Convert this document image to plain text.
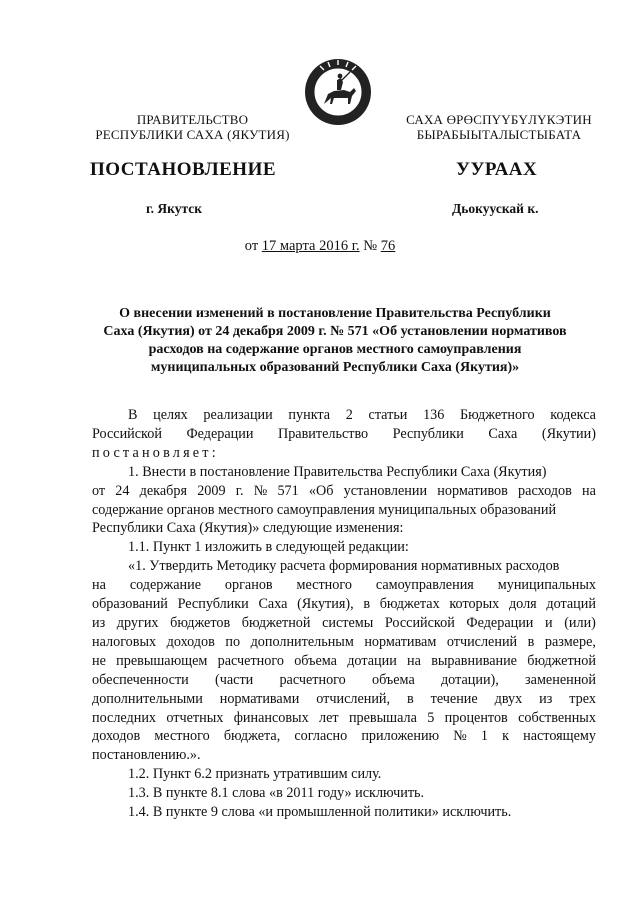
ПРАВИТЕЛЬСТВО
РЕСПУБЛИКИ САХА (ЯКУТИЯ)
САХА ӨРӨСПҮҮБҮЛҮКЭТИН
БЫРАБЫЫТАЛЫСТЫБАТА
ПОСТАНОВЛЕНИЕ	УУРААХ
г. Якутск	Дьокуускай к.
от 17 марта 2016 г. № 76
О внесении изменений в постановление Правительства Республики
Саха (Якутия) от 24 декабря 2009 г. № 571 «Об установлении нормативов
расходов на содержание органов местного самоуправления
муниципальных образований Республики Саха (Якутия)»
В целях реализации пункта 2 статьи 136 Бюджетного кодекса
Российской Федерации Правительство Республики Саха (Якутии)
постановляет:
1. Внести в постановление Правительства Республики Саха (Якутия)
от 24 декабря 2009 г. № 571 «Об установлении нормативов расходов на
содержание органов местного самоуправления муниципальных образований
Республики Саха (Якутия)» следующие изменения:
1.1. Пункт 1 изложить в следующей редакции:
«1. Утвердить Методику расчета формирования нормативных расходов
на содержание органов местного самоуправления муниципальных
образований Республики Саха (Якутия), в бюджетах которых доля дотаций
из других бюджетов бюджетной системы Российской Федерации и (или)
налоговых доходов по дополнительным нормативам отчислений в размере,
не превышающем расчетного объема дотации на выравнивание бюджетной
обеспеченности (части расчетного объема дотации), замененной
дополнительными нормативами отчислений, в течение двух из трех
последних отчетных финансовых лет превышала 5 процентов собственных
доходов местного бюджета, согласно приложению № 1 к настоящему
постановлению.».
1.2. Пункт 6.2 признать утратившим силу.
1.3. В пункте 8.1 слова «в 2011 году» исключить.
1.4. В пункте 9 слова «и промышленной политики» исключить.
